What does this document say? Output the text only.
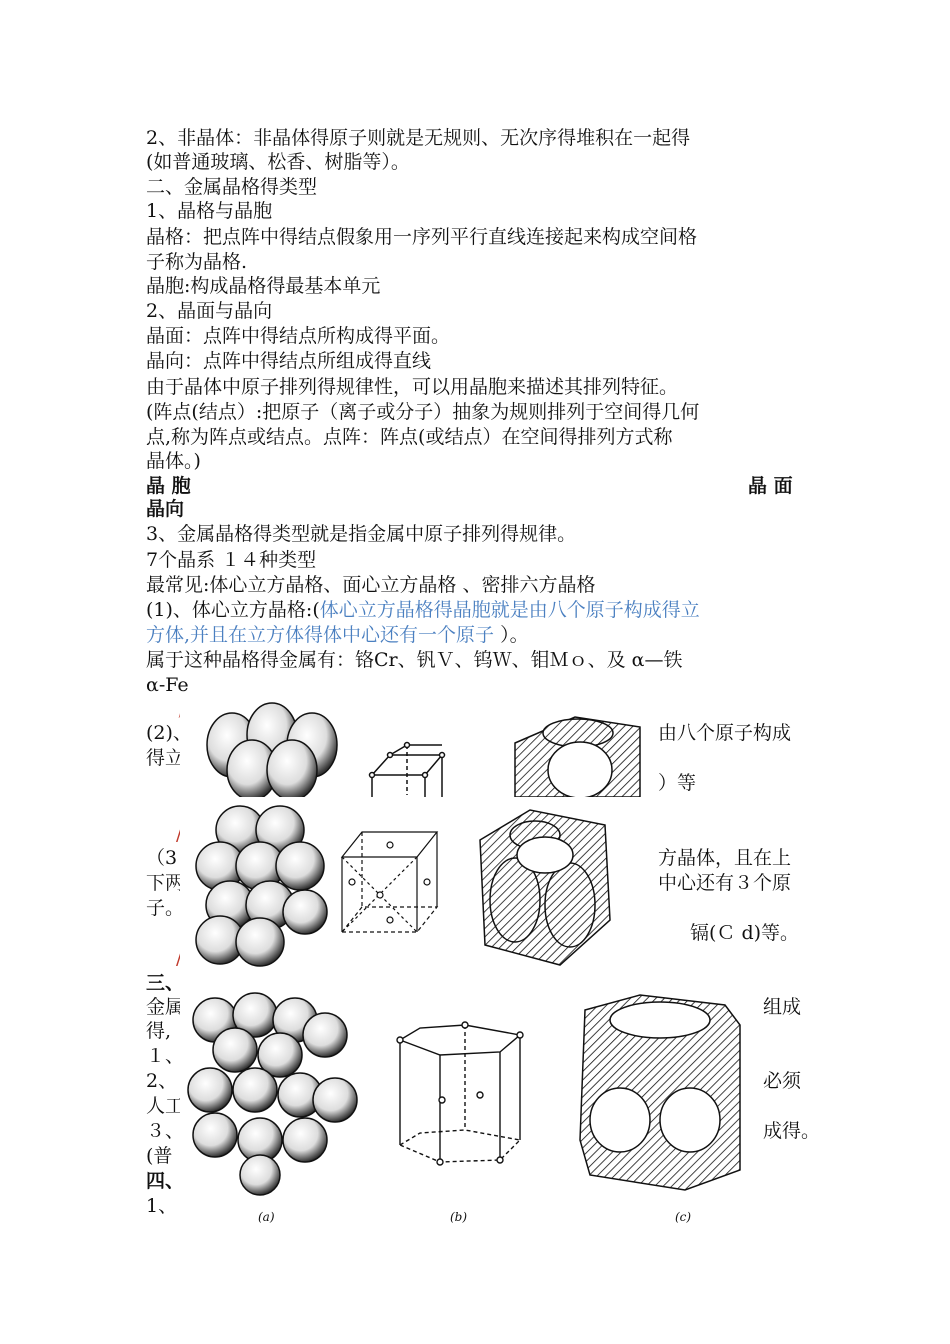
2、非晶体：非晶体得原子则就是无规则、无次序得堆积在一起得
(如普通玻璃、松香、树脂等）。
二、金属晶格得类型
1、晶格与晶胞
晶格：把点阵中得结点假象用一序列平行直线连接起来构成空间格
子称为晶格.
晶胞:构成晶格得最基本单元
2、晶面与晶向
晶面：点阵中得结点所构成得平面。
晶向：点阵中得结点所组成得直线
由于晶体中原子排列得规律性，可以用晶胞来描述其排列特征。
(阵点(结点）:把原子（离子或分子）抽象为规则排列于空间得几何
点,称为阵点或结点。点阵：阵点(或结点）在空间得排列方式称
晶体。)
晶 胞	晶 面
晶向
3、金属晶格得类型就是指金属中原子排列得规律。
7个晶系 １４种类型
最常见:体心立方晶格、面心立方晶格 、密排六方晶格
(1)、体心立方晶格:(体心立方晶格得晶胞就是由八个原子构成得立
方体,并且在立方体得体中心还有一个原子 ）。
属于这种晶格得金属有：铬Cr、钒Ｖ、钨Ｗ、钼Ｍｏ、及 α—铁
α-Fe
所
(2)、	由八个原子构成
得立方
属	）等
/
（3	方晶体，且在上
下两	中心还有３个原
子。
镉(Ｃ d)等。
/
三、
金属	组成
得,
１、
2、	必须
人工
３、	成得。
(普
四、
1、	(a)	(b)	(c)
